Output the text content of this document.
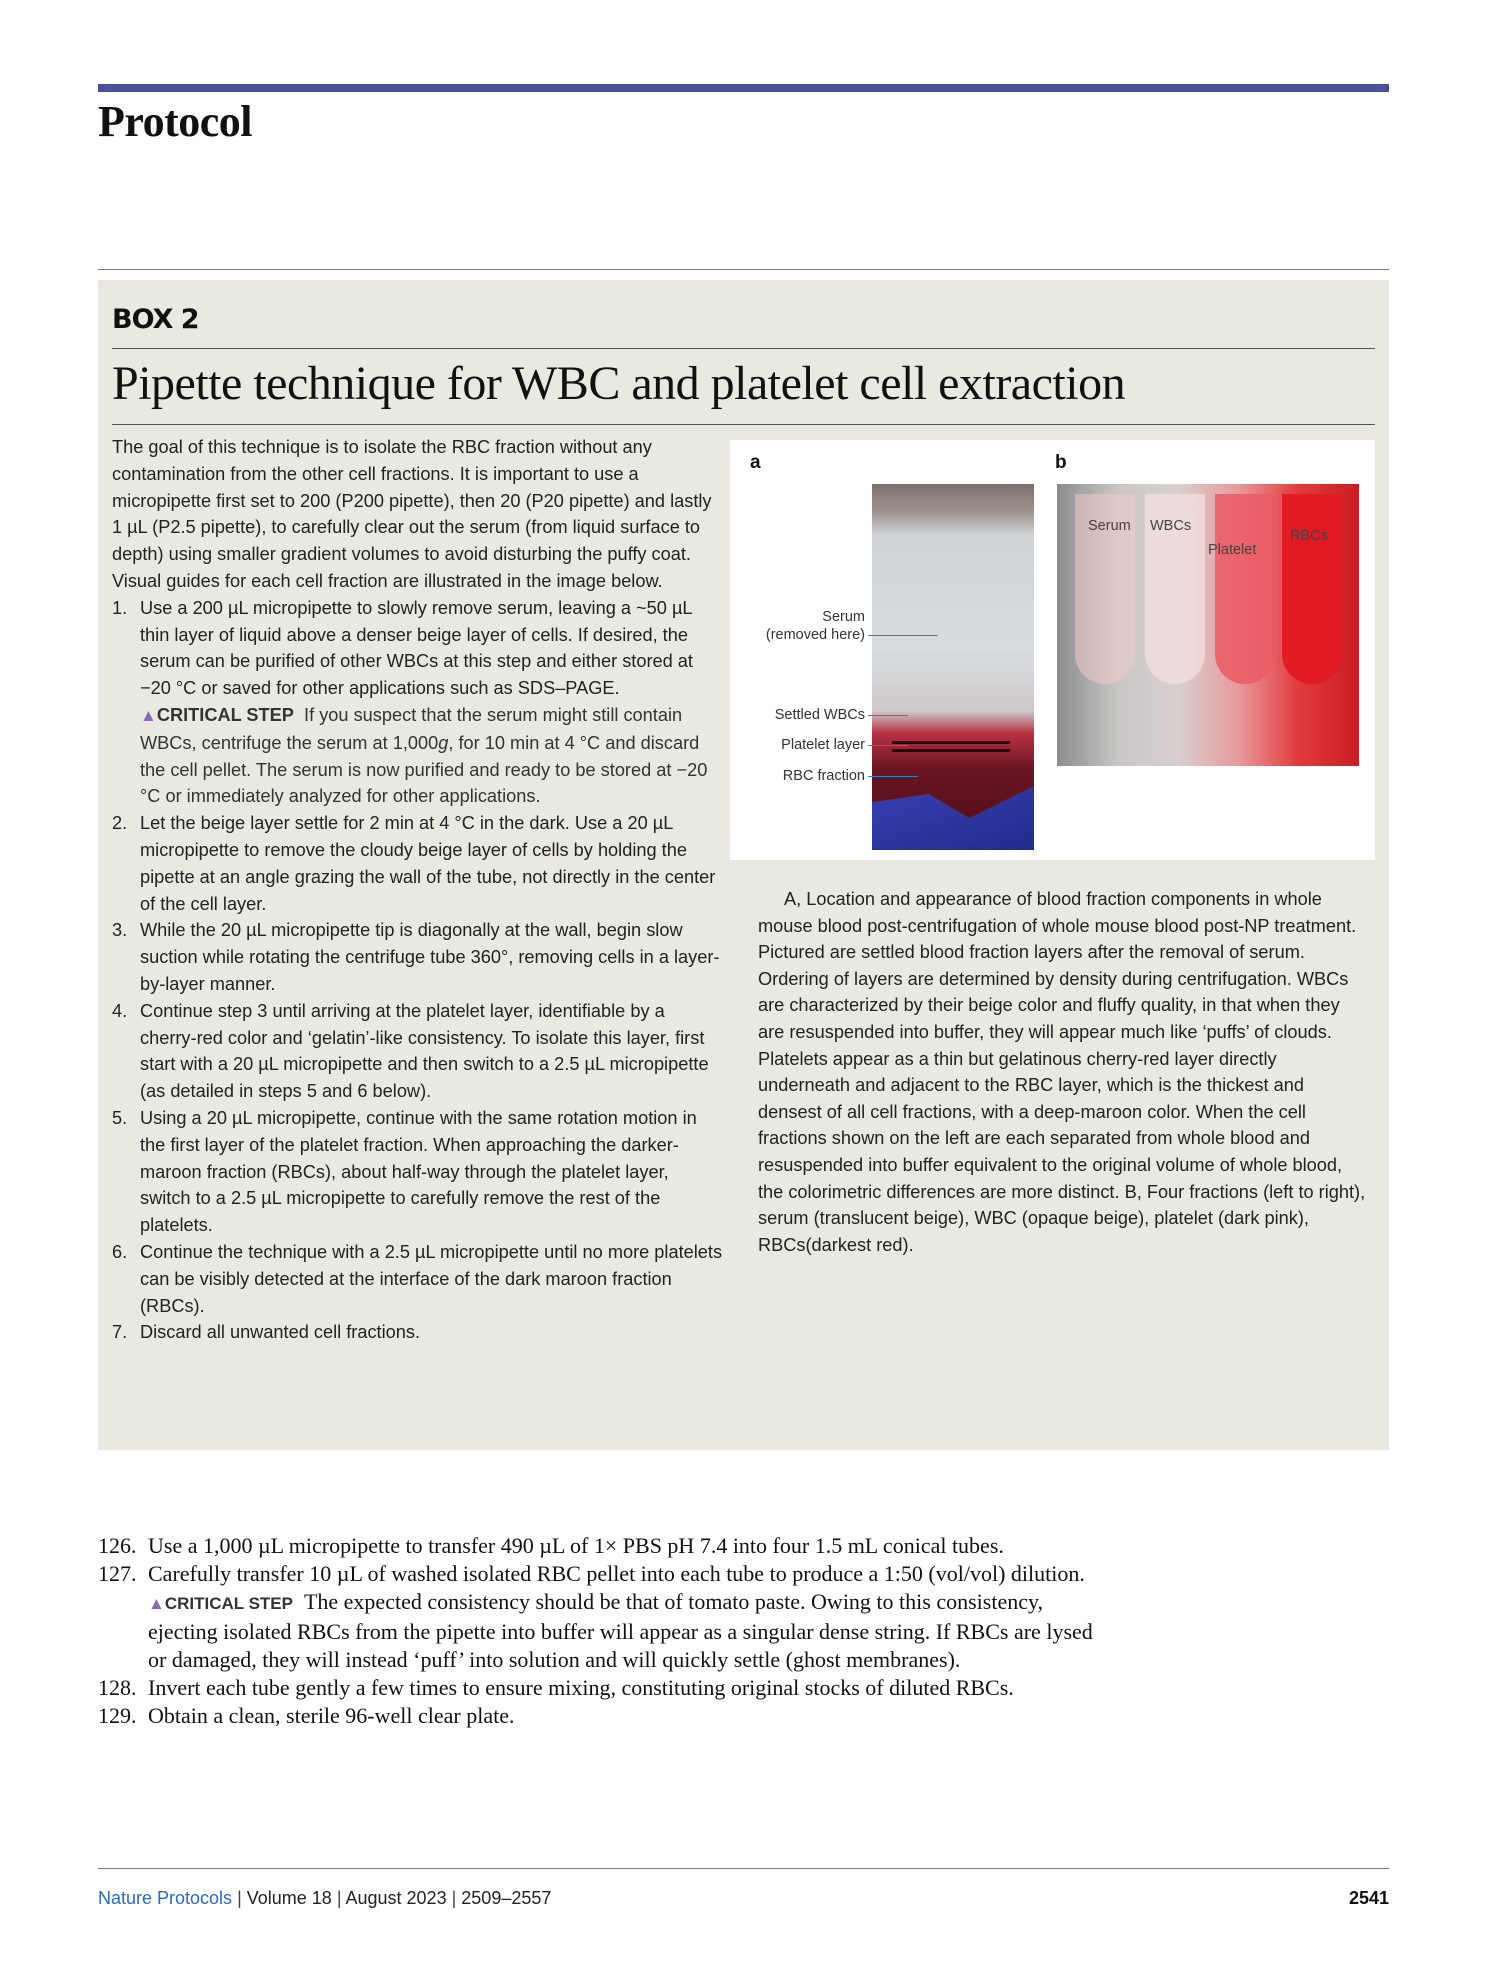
Protocol
BOX 2
Pipette technique for WBC and platelet cell extraction

The goal of this technique is to isolate the RBC fraction without any contamination from the other cell fractions. It is important to use a micropipette first set to 200 (P200 pipette), then 20 (P20 pipette) and lastly 1 µL (P2.5 pipette), to carefully clear out the serum (from liquid surface to depth) using smaller gradient volumes to avoid disturbing the puffy coat. Visual guides for each cell fraction are illustrated in the image below.

1. Use a 200 µL micropipette to slowly remove serum, leaving a ~50 µL thin layer of liquid above a denser beige layer of cells. If desired, the serum can be purified of other WBCs at this step and either stored at −20 °C or saved for other applications such as SDS–PAGE.
▲CRITICAL STEP If you suspect that the serum might still contain WBCs, centrifuge the serum at 1,000g, for 10 min at 4 °C and discard the cell pellet. The serum is now purified and ready to be stored at −20 °C or immediately analyzed for other applications.
2. Let the beige layer settle for 2 min at 4 °C in the dark. Use a 20 µL micropipette to remove the cloudy beige layer of cells by holding the pipette at an angle grazing the wall of the tube, not directly in the center of the cell layer.
3. While the 20 µL micropipette tip is diagonally at the wall, begin slow suction while rotating the centrifuge tube 360°, removing cells in a layer-by-layer manner.
4. Continue step 3 until arriving at the platelet layer, identifiable by a cherry-red color and ‘gelatin’-like consistency. To isolate this layer, first start with a 20 µL micropipette and then switch to a 2.5 µL micropipette (as detailed in steps 5 and 6 below).
5. Using a 20 µL micropipette, continue with the same rotation motion in the first layer of the platelet fraction. When approaching the darker-maroon fraction (RBCs), about half-way through the platelet layer, switch to a 2.5 µL micropipette to carefully remove the rest of the platelets.
6. Continue the technique with a 2.5 µL micropipette until no more platelets can be visibly detected at the interface of the dark maroon fraction (RBCs).
7. Discard all unwanted cell fractions.
a	b
Serum
(removed here)
Settled WBCs
Platelet layer
RBC fraction
Serum WBCs
Platelet
RBCs
A, Location and appearance of blood fraction components in whole mouse blood post-centrifugation of whole mouse blood post-NP treatment. Pictured are settled blood fraction layers after the removal of serum. Ordering of layers are determined by density during centrifugation. WBCs are characterized by their beige color and fluffy quality, in that when they are resuspended into buffer, they will appear much like ‘puffs’ of clouds. Platelets appear as a thin but gelatinous cherry-red layer directly underneath and adjacent to the RBC layer, which is the thickest and densest of all cell fractions, with a deep-maroon color. When the cell fractions shown on the left are each separated from whole blood and resuspended into buffer equivalent to the original volume of whole blood, the colorimetric differences are more distinct. B, Four fractions (left to right), serum (translucent beige), WBC (opaque beige), platelet (dark pink), RBCs(darkest red).
126. Use a 1,000 µL micropipette to transfer 490 µL of 1× PBS pH 7.4 into four 1.5 mL conical tubes.
127. Carefully transfer 10 µL of washed isolated RBC pellet into each tube to produce a 1:50 (vol/vol) dilution.
▲CRITICAL STEP The expected consistency should be that of tomato paste. Owing to this consistency, ejecting isolated RBCs from the pipette into buffer will appear as a singular dense string. If RBCs are lysed or damaged, they will instead ‘puff’ into solution and will quickly settle (ghost membranes).
128. Invert each tube gently a few times to ensure mixing, constituting original stocks of diluted RBCs.
129. Obtain a clean, sterile 96-well clear plate.
Nature Protocols | Volume 18 | August 2023 | 2509–2557	2541
